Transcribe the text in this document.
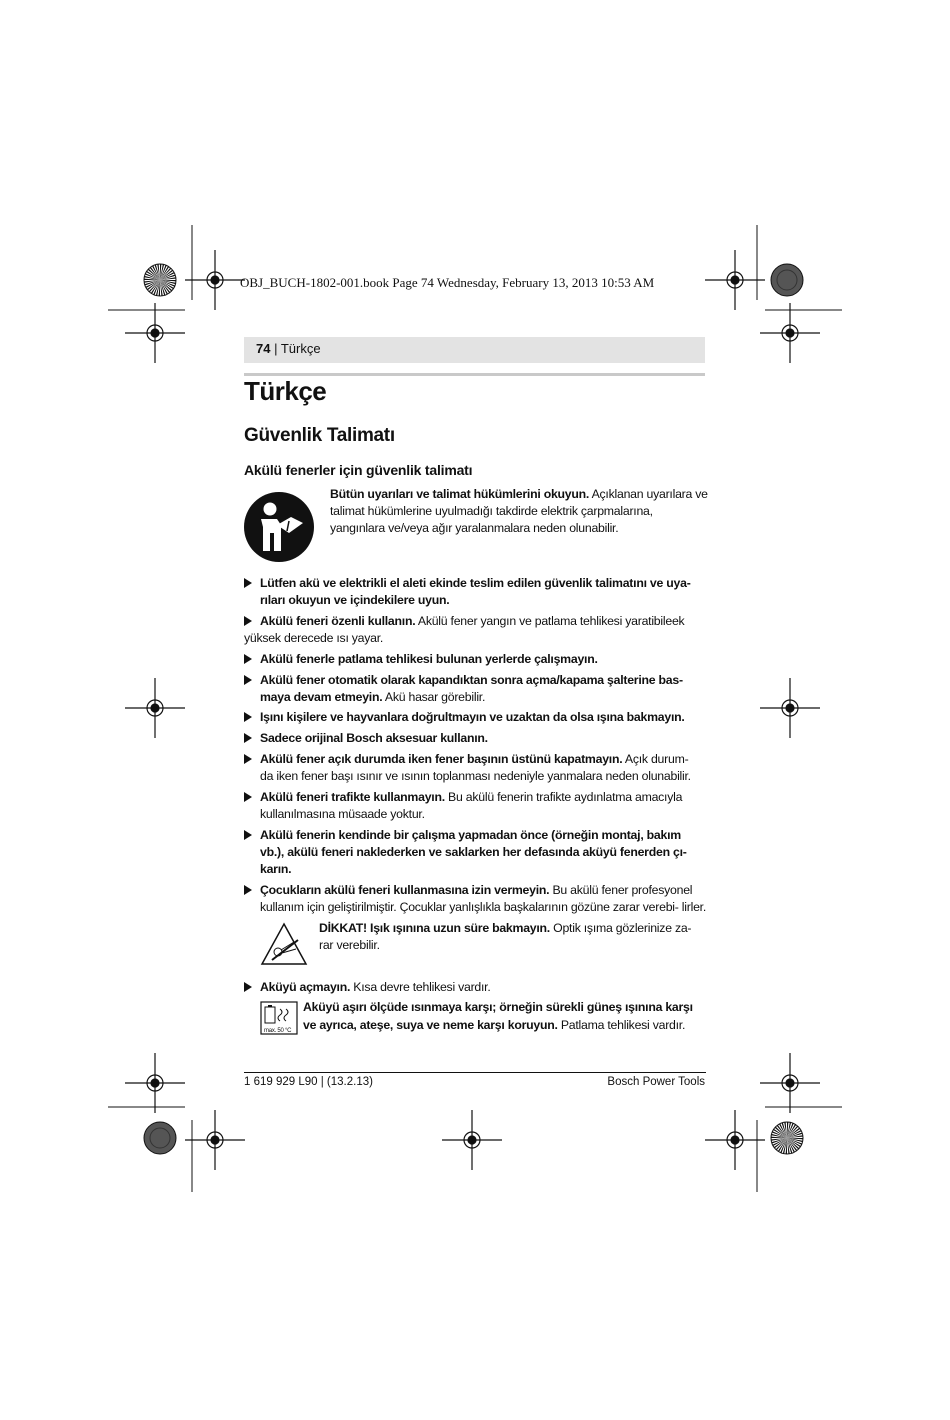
OBJ_BUCH-1802-001.book Page 74 Wednesday, February 13, 2013 10:53 AM
74 | Türkçe
Türkçe
Güvenlik Talimatı
Akülü fenerler için güvenlik talimatı
Bütün uyarıları ve talimat hükümlerini okuyun. Açıklanan uyarılara ve talimat hükümlerine uyulmadığı takdirde elektrik çarpmalarına, yangınlara ve/veya ağır yaralanmalara neden olunabilir.
Lütfen akü ve elektrikli el aleti ekinde teslim edilen güvenlik talimatını ve uya-
rıları okuyun ve içindekilere uyun.
Akülü feneri özenli kullanın. Akülü fener yangın ve patlama tehlikesi yaratibileek
yüksek derecede ısı yayar.
Akülü fenerle patlama tehlikesi bulunan yerlerde çalışmayın.
Akülü fener otomatik olarak kapandıktan sonra açma/kapama şalterine bas-
maya devam etmeyin. Akü hasar görebilir.
Işını kişilere ve hayvanlara doğrultmayın ve uzaktan da olsa ışına bakmayın.
Sadece orijinal Bosch aksesuar kullanın.
Akülü fener açık durumda iken fener başının üstünü kapatmayın. Açık durum-
da iken fener başı ısınır ve ısının toplanması nedeniyle yanmalara neden olunabilir.
Akülü feneri trafikte kullanmayın. Bu akülü fenerin trafikte aydınlatma amacıyla
kullanılmasına müsaade yoktur.
Akülü fenerin kendinde bir çalışma yapmadan önce (örneğin montaj, bakım
vb.), akülü feneri naklederken ve saklarken her defasında aküyü fenerden çı- karın.
Çocukların akülü feneri kullanmasına izin vermeyin. Bu akülü fener profesyonel
kullanım için geliştirilmiştir. Çocuklar yanlışlıkla başkalarının gözüne zarar verebi- lirler.
DİKKAT! Işık ışınına uzun süre bakmayın. Optik ışıma gözlerinize za- rar verebilir.
Aküyü açmayın. Kısa devre tehlikesi vardır.
max. 50 °C
Aküyü aşırı ölçüde ısınmaya karşı; örneğin sürekli güneş ışınına karşı ve ayrıca, ateşe, suya ve neme karşı koruyun. Patlama tehlikesi vardır.
1 619 929 L90 | (13.2.13)	Bosch Power Tools
